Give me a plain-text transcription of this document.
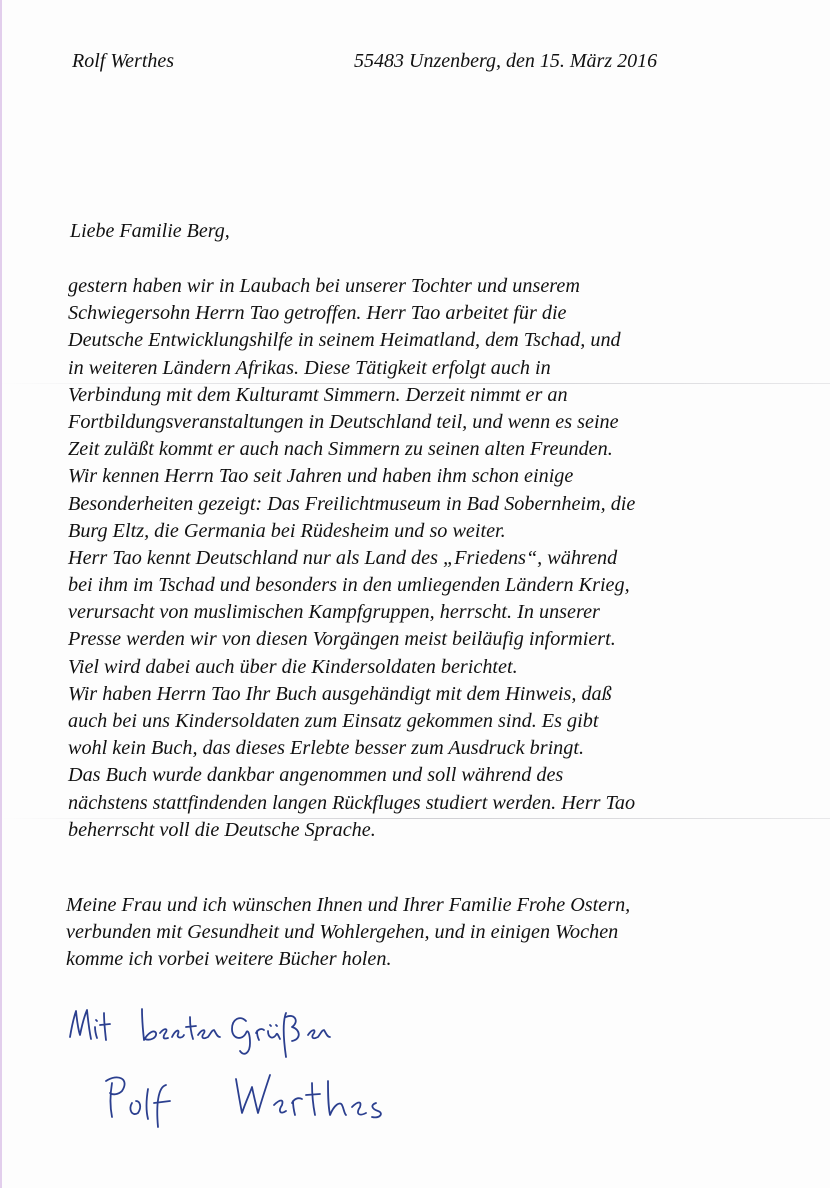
Rolf Werthes	55483 Unzenberg, den 15. März 2016
Liebe Familie Berg,
gestern haben wir in Laubach bei unserer Tochter und unserem
Schwiegersohn Herrn Tao getroffen. Herr Tao arbeitet für die
Deutsche Entwicklungshilfe in seinem Heimatland, dem Tschad, und
in weiteren Ländern Afrikas. Diese Tätigkeit erfolgt auch in
Verbindung mit dem Kulturamt Simmern. Derzeit nimmt er an
Fortbildungsveranstaltungen in Deutschland teil, und wenn es seine
Zeit zuläßt kommt er auch nach Simmern zu seinen alten Freunden.
Wir kennen Herrn Tao seit Jahren und haben ihm schon einige
Besonderheiten gezeigt: Das Freilichtmuseum in Bad Sobernheim, die
Burg Eltz, die Germania bei Rüdesheim und so weiter.
Herr Tao kennt Deutschland nur als Land des „Friedens“, während
bei ihm im Tschad und besonders in den umliegenden Ländern Krieg,
verursacht von muslimischen Kampfgruppen, herrscht. In unserer
Presse werden wir von diesen Vorgängen meist beiläufig informiert.
Viel wird dabei auch über die Kindersoldaten berichtet.
Wir haben Herrn Tao Ihr Buch ausgehändigt mit dem Hinweis, daß
auch bei uns Kindersoldaten zum Einsatz gekommen sind. Es gibt
wohl kein Buch, das dieses Erlebte besser zum Ausdruck bringt.
Das Buch wurde dankbar angenommen und soll während des
nächstens stattfindenden langen Rückfluges studiert werden. Herr Tao
beherrscht voll die Deutsche Sprache.
Meine Frau und ich wünschen Ihnen und Ihrer Familie Frohe Ostern,
verbunden mit Gesundheit und Wohlergehen, und in einigen Wochen
komme ich vorbei weitere Bücher holen.
